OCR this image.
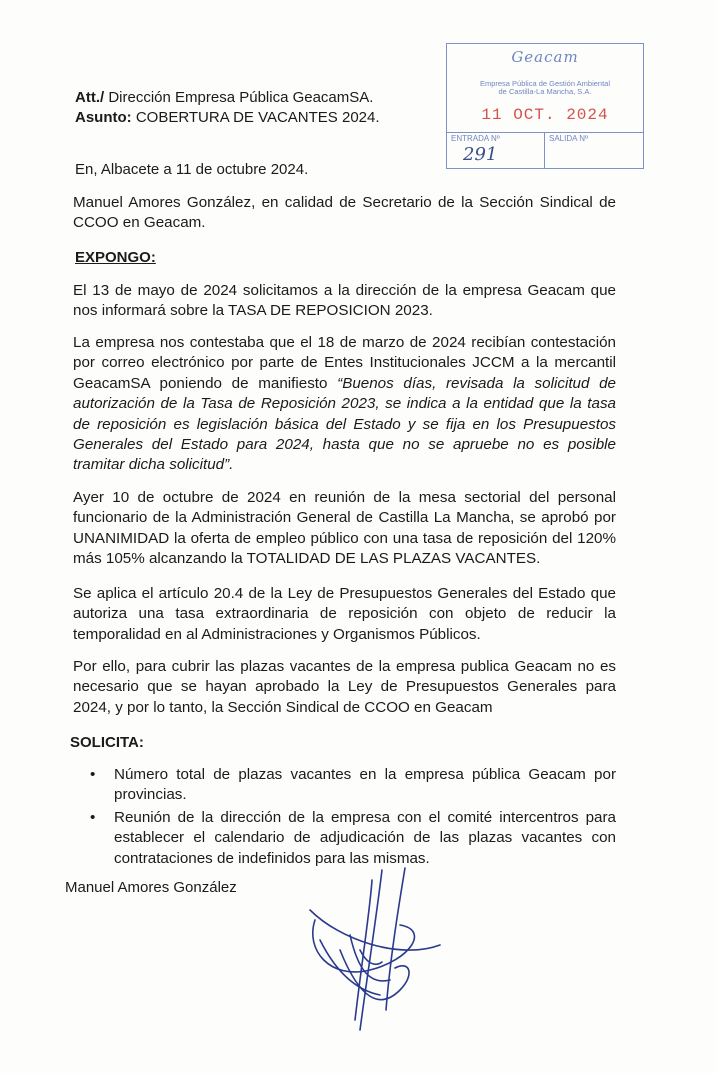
Geacam
Empresa Pública de Gestión Ambiental
de Castilla-La Mancha, S.A.
11 OCT. 2024
ENTRADA Nº	SALIDA Nº
291
Att./ Dirección Empresa Pública GeacamSA.
Asunto: COBERTURA DE VACANTES 2024.
En, Albacete a 11 de octubre 2024.
Manuel Amores González, en calidad de Secretario de la Sección Sindical de CCOO en Geacam.
EXPONGO:
El 13 de mayo de 2024 solicitamos a la dirección de la empresa Geacam que nos informará sobre la TASA DE REPOSICION 2023.
La empresa nos contestaba que el 18 de marzo de 2024 recibían contestación por correo electrónico por parte de Entes Institucionales JCCM a la mercantil GeacamSA poniendo de manifiesto “Buenos días, revisada la solicitud de autorización de la Tasa de Reposición 2023, se indica a la entidad que la tasa de reposición es legislación básica del Estado y se fija en los Presupuestos Generales del Estado para 2024, hasta que no se apruebe no es posible tramitar dicha solicitud”.
Ayer 10 de octubre de 2024 en reunión de la mesa sectorial del personal funcionario de la Administración General de Castilla La Mancha, se aprobó por UNANIMIDAD la oferta de empleo público con una tasa de reposición del 120% más 105% alcanzando la TOTALIDAD DE LAS PLAZAS VACANTES.
Se aplica el artículo 20.4 de la Ley de Presupuestos Generales del Estado que autoriza una tasa extraordinaria de reposición con objeto de reducir la temporalidad en al Administraciones y Organismos Públicos.
Por ello, para cubrir las plazas vacantes de la empresa publica Geacam no es necesario que se hayan aprobado la Ley de Presupuestos Generales para 2024, y por lo tanto, la Sección Sindical de CCOO en Geacam
SOLICITA:
• Número total de plazas vacantes en la empresa pública Geacam por provincias.
• Reunión de la dirección de la empresa con el comité intercentros para establecer el calendario de adjudicación de las plazas vacantes con contrataciones de indefinidos para las mismas.
Manuel Amores González
